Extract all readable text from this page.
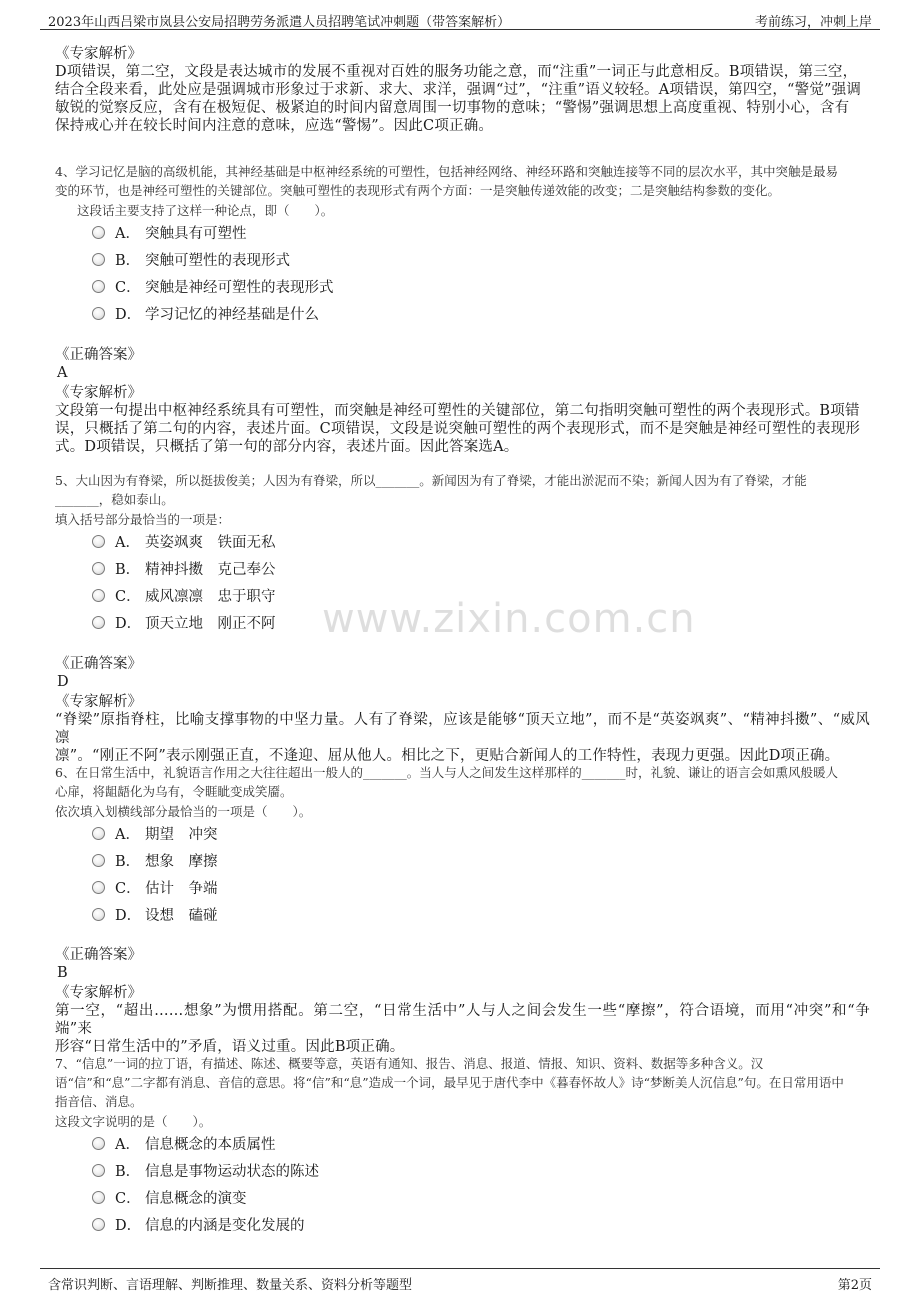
2023年山西吕梁市岚县公安局招聘劳务派遣人员招聘笔试冲刺题（带答案解析）	考前练习，冲刺上岸
《专家解析》
D项错误，第二空，文段是表达城市的发展不重视对百姓的服务功能之意，而“注重”一词正与此意相反。B项错误，第三空，
结合全段来看，此处应是强调城市形象过于求新、求大、求洋，强调“过”，“注重”语义较轻。A项错误，第四空，“警觉”强调
敏锐的觉察反应，含有在极短促、极紧迫的时间内留意周围一切事物的意味；“警惕”强调思想上高度重视、特别小心，含有
保持戒心并在较长时间内注意的意味，应选“警惕”。因此C项正确。
4、学习记忆是脑的高级机能，其神经基础是中枢神经系统的可塑性，包括神经网络、神经环路和突触连接等不同的层次水平，其中突触是最易
变的环节，也是神经可塑性的关键部位。突触可塑性的表现形式有两个方面：一是突触传递效能的改变；二是突触结构参数的变化。
这段话主要支持了这样一种论点，即（　　）。
A． 突触具有可塑性
B． 突触可塑性的表现形式
C． 突触是神经可塑性的表现形式
D． 学习记忆的神经基础是什么
《正确答案》
A
《专家解析》
文段第一句提出中枢神经系统具有可塑性，而突触是神经可塑性的关键部位，第二句指明突触可塑性的两个表现形式。B项错
误，只概括了第二句的内容，表述片面。C项错误，文段是说突触可塑性的两个表现形式，而不是突触是神经可塑性的表现形
式。D项错误，只概括了第一句的部分内容，表述片面。因此答案选A。
5、大山因为有脊梁，所以挺拔俊美；人因为有脊梁，所以_______。新闻因为有了脊梁，才能出淤泥而不染；新闻人因为有了脊梁，才能
_______，稳如泰山。
填入括号部分最恰当的一项是：
A． 英姿飒爽　铁面无私
B． 精神抖擞　克己奉公
C． 威风凛凛　忠于职守
D． 顶天立地　刚正不阿
《正确答案》
D
《专家解析》
“脊梁”原指脊柱，比喻支撑事物的中坚力量。人有了脊梁，应该是能够“顶天立地”，而不是“英姿飒爽”、“精神抖擞”、“威风凛
凛”。“刚正不阿”表示刚强正直，不逢迎、屈从他人。相比之下，更贴合新闻人的工作特性，表现力更强。因此D项正确。
6、在日常生活中，礼貌语言作用之大往往超出一般人的_______。当人与人之间发生这样那样的_______时，礼貌、谦让的语言会如熏风般暖人
心扉，将龃龉化为乌有，令睚眦变成笑靥。
依次填入划横线部分最恰当的一项是（　　）。
A． 期望　冲突
B． 想象　摩擦
C． 估计　争端
D． 设想　磕碰
《正确答案》
B
《专家解析》
第一空，“超出……想象”为惯用搭配。第二空，“日常生活中”人与人之间会发生一些“摩擦”，符合语境，而用“冲突”和“争端”来
形容“日常生活中的”矛盾，语义过重。因此B项正确。
7、“信息”一词的拉丁语，有描述、陈述、概要等意，英语有通知、报告、消息、报道、情报、知识、资料、数据等多种含义。汉
语“信”和“息”二字都有消息、音信的意思。将“信”和“息”造成一个词，最早见于唐代李中《暮春怀故人》诗“梦断美人沉信息”句。在日常用语中
指音信、消息。
这段文字说明的是（　　）。
A． 信息概念的本质属性
B． 信息是事物运动状态的陈述
C． 信息概念的演变
D． 信息的内涵是变化发展的
www.zixin.com.cn
含常识判断、言语理解、判断推理、数量关系、资料分析等题型	第2页
